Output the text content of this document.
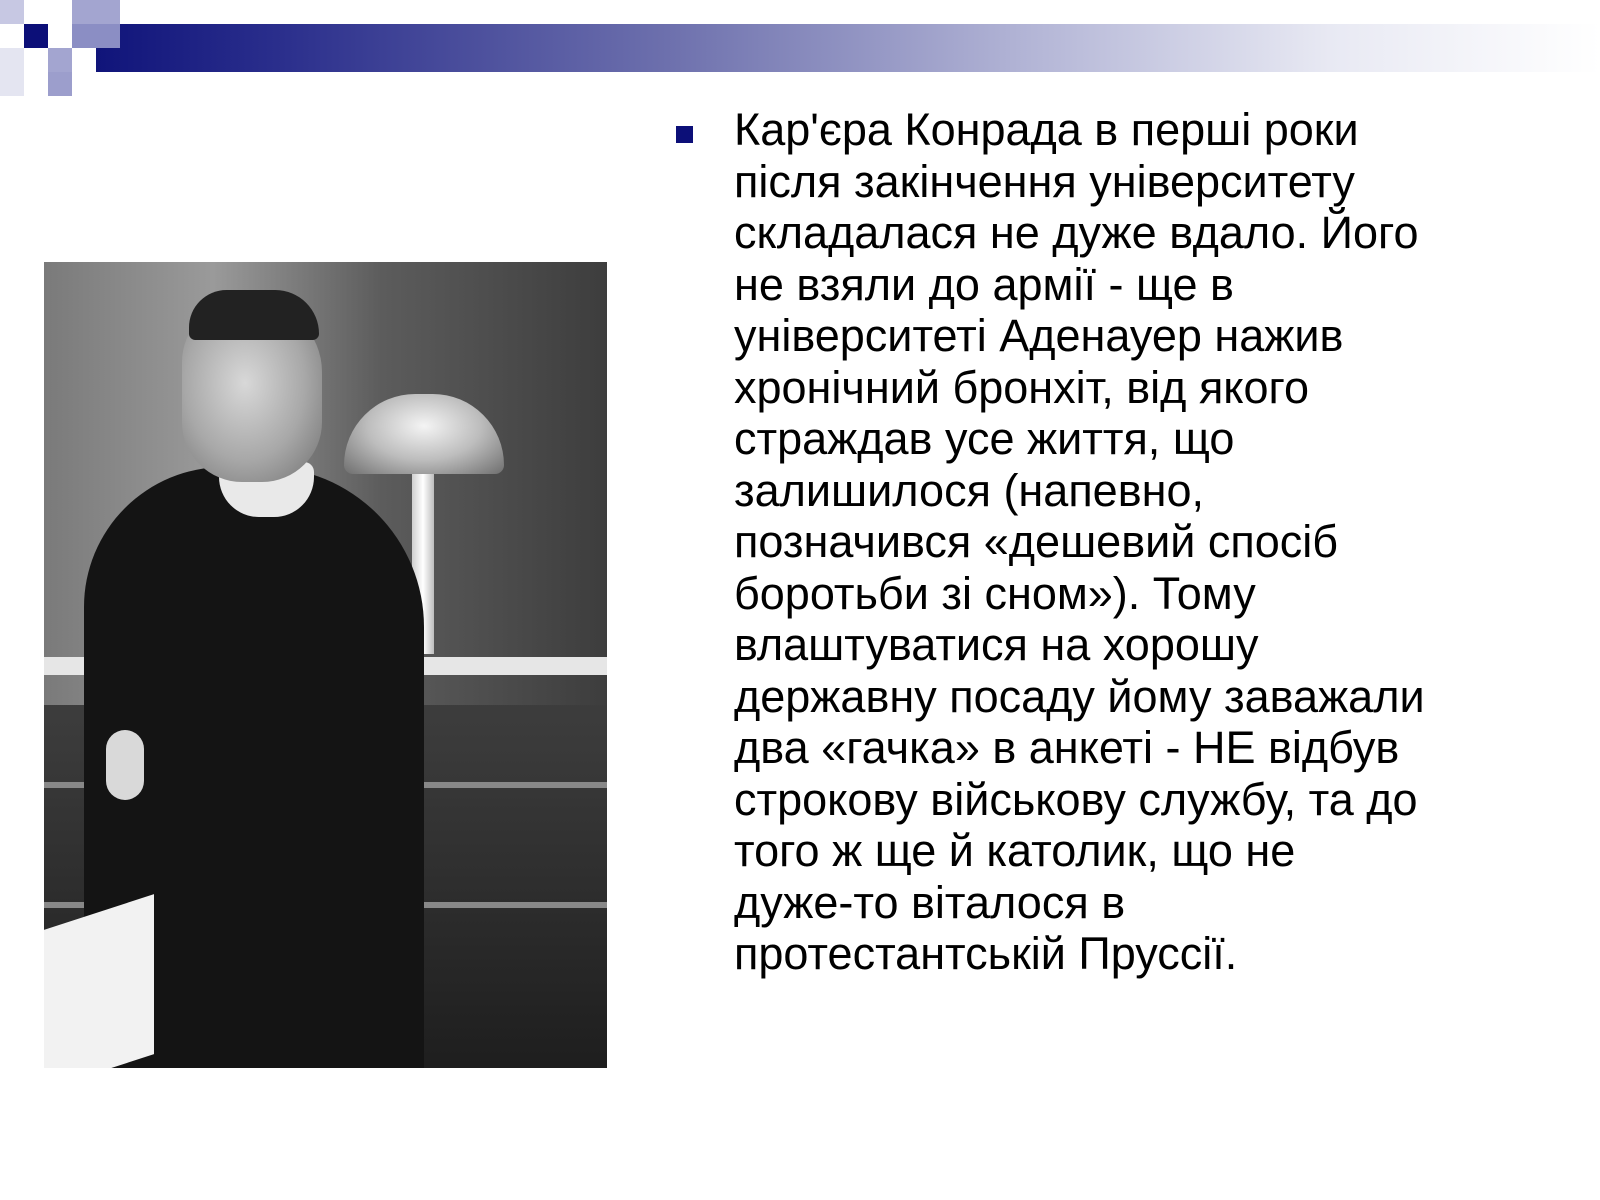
Кар'єра Конрада в перші роки
після закінчення університету
складалася не дуже вдало. Його
не взяли до армії - ще в
університеті Аденауер нажив
хронічний бронхіт, від якого
страждав усе життя, що
залишилося (напевно,
позначився «дешевий спосіб
боротьби зі сном»). Тому
влаштуватися на хорошу
державну посаду йому заважали
два «гачка» в анкеті - НЕ відбув
строкову військову службу, та до
того ж ще й католик, що не
дуже-то віталося в
протестантській Пруссії.
